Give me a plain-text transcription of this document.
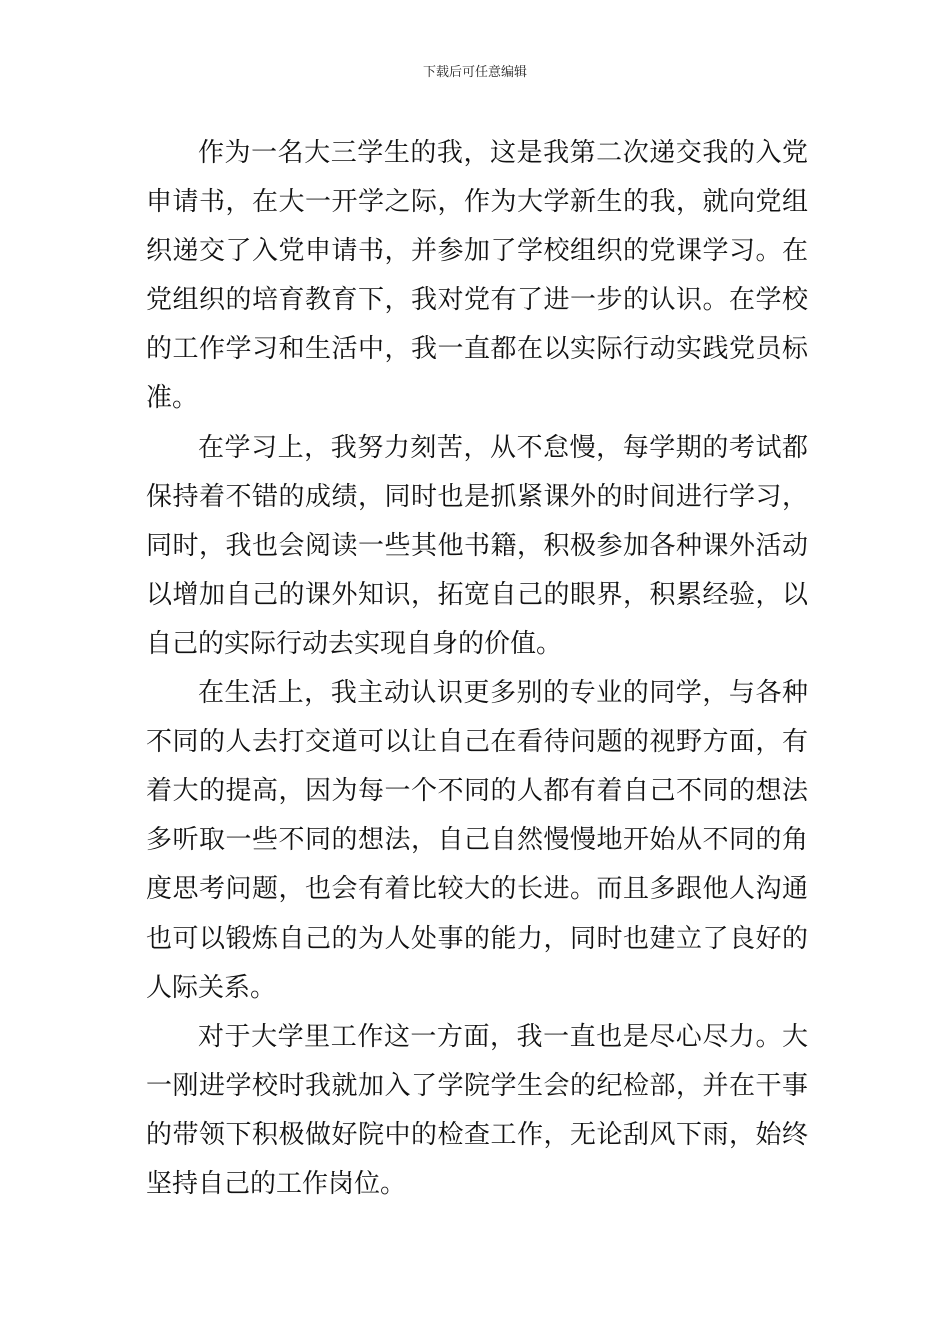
下载后可任意编辑

作为一名大三学生的我，这是我第二次递交我的入党申请书，在大一开学之际，作为大学新生的我，就向党组织递交了入党申请书，并参加了学校组织的党课学习。在党组织的培育教育下，我对党有了进一步的认识。在学校的工作学习和生活中，我一直都在以实际行动实践党员标准。

在学习上，我努力刻苦，从不怠慢，每学期的考试都保持着不错的成绩，同时也是抓紧课外的时间进行学习，同时，我也会阅读一些其他书籍，积极参加各种课外活动以增加自己的课外知识，拓宽自己的眼界，积累经验，以自己的实际行动去实现自身的价值。

在生活上，我主动认识更多别的专业的同学，与各种不同的人去打交道可以让自己在看待问题的视野方面，有着大的提高，因为每一个不同的人都有着自己不同的想法多听取一些不同的想法，自己自然慢慢地开始从不同的角度思考问题，也会有着比较大的长进。而且多跟他人沟通也可以锻炼自己的为人处事的能力，同时也建立了良好的人际关系。

对于大学里工作这一方面，我一直也是尽心尽力。大一刚进学校时我就加入了学院学生会的纪检部，并在干事的带领下积极做好院中的检查工作，无论刮风下雨，始终坚持自己的工作岗位。
